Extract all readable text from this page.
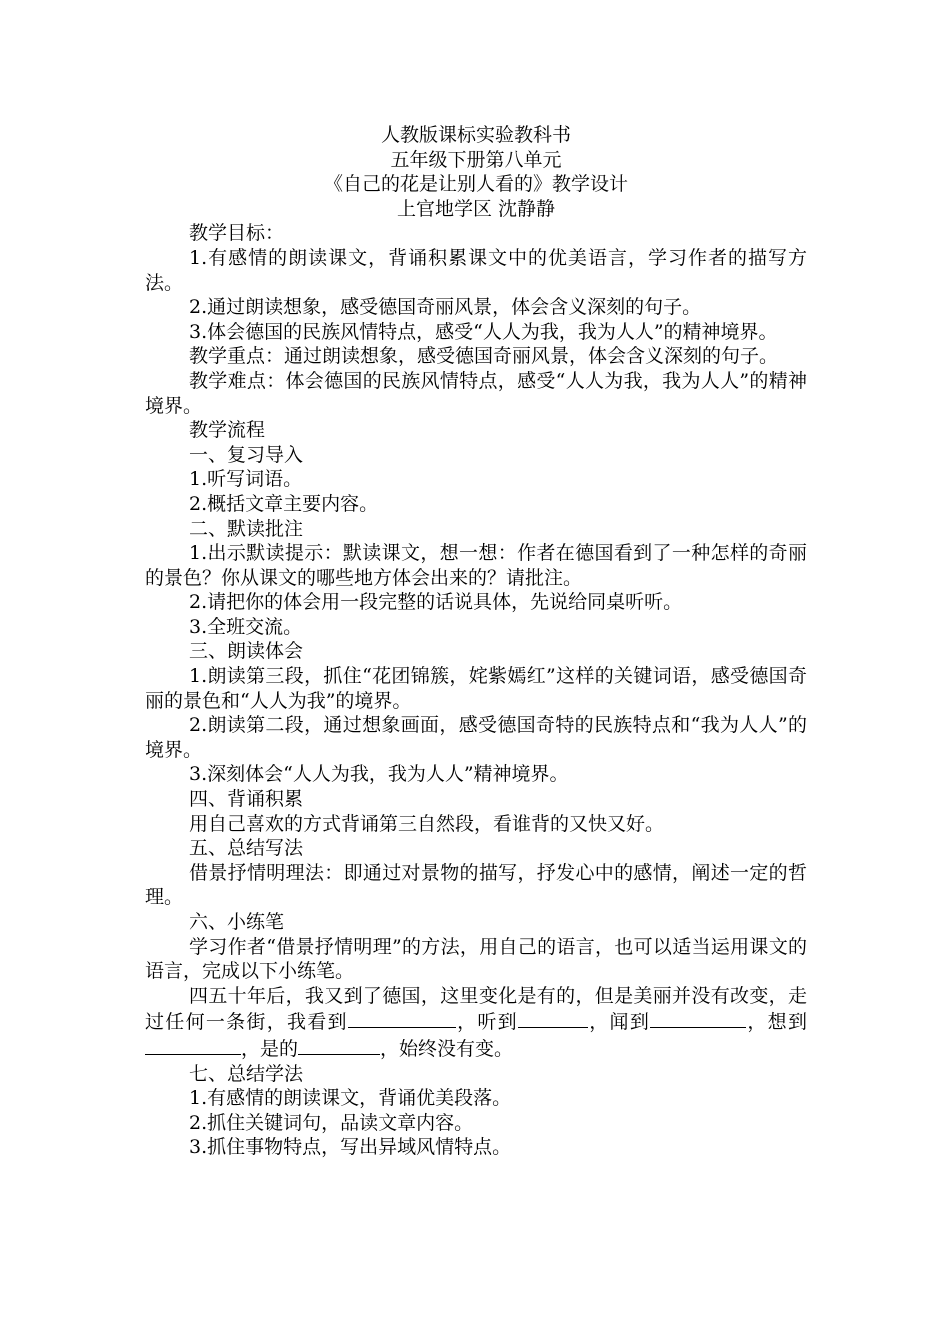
人教版课标实验教科书

五年级下册第八单元

《自己的花是让别人看的》教学设计

上官地学区 沈静静

教学目标：

1.有感情的朗读课文，背诵积累课文中的优美语言，学习作者的描写方法。

2.通过朗读想象，感受德国奇丽风景，体会含义深刻的句子。

3.体会德国的民族风情特点，感受“人人为我，我为人人”的精神境界。

教学重点：通过朗读想象，感受德国奇丽风景，体会含义深刻的句子。

教学难点：体会德国的民族风情特点，感受“人人为我，我为人人”的精神境界。

教学流程

一、复习导入

1.听写词语。

2.概括文章主要内容。

二、默读批注

1.出示默读提示：默读课文，想一想：作者在德国看到了一种怎样的奇丽的景色？你从课文的哪些地方体会出来的？请批注。

2.请把你的体会用一段完整的话说具体，先说给同桌听听。

3.全班交流。

三、朗读体会

1.朗读第三段，抓住“花团锦簇，姹紫嫣红”这样的关键词语，感受德国奇丽的景色和“人人为我”的境界。

2.朗读第二段，通过想象画面，感受德国奇特的民族特点和“我为人人”的境界。

3.深刻体会“人人为我，我为人人”精神境界。

四、背诵积累

用自己喜欢的方式背诵第三自然段，看谁背的又快又好。

五、总结写法

借景抒情明理法：即通过对景物的描写，抒发心中的感情，阐述一定的哲理。

六、小练笔

学习作者“借景抒情明理”的方法，用自己的语言，也可以适当运用课文的语言，完成以下小练笔。

四五十年后，我又到了德国，这里变化是有的，但是美丽并没有改变，走过任何一条街，我看到	，听到	，闻到	，想到，是的	，始终没有变。

七、总结学法

1.有感情的朗读课文，背诵优美段落。

2.抓住关键词句，品读文章内容。

3.抓住事物特点，写出异域风情特点。
